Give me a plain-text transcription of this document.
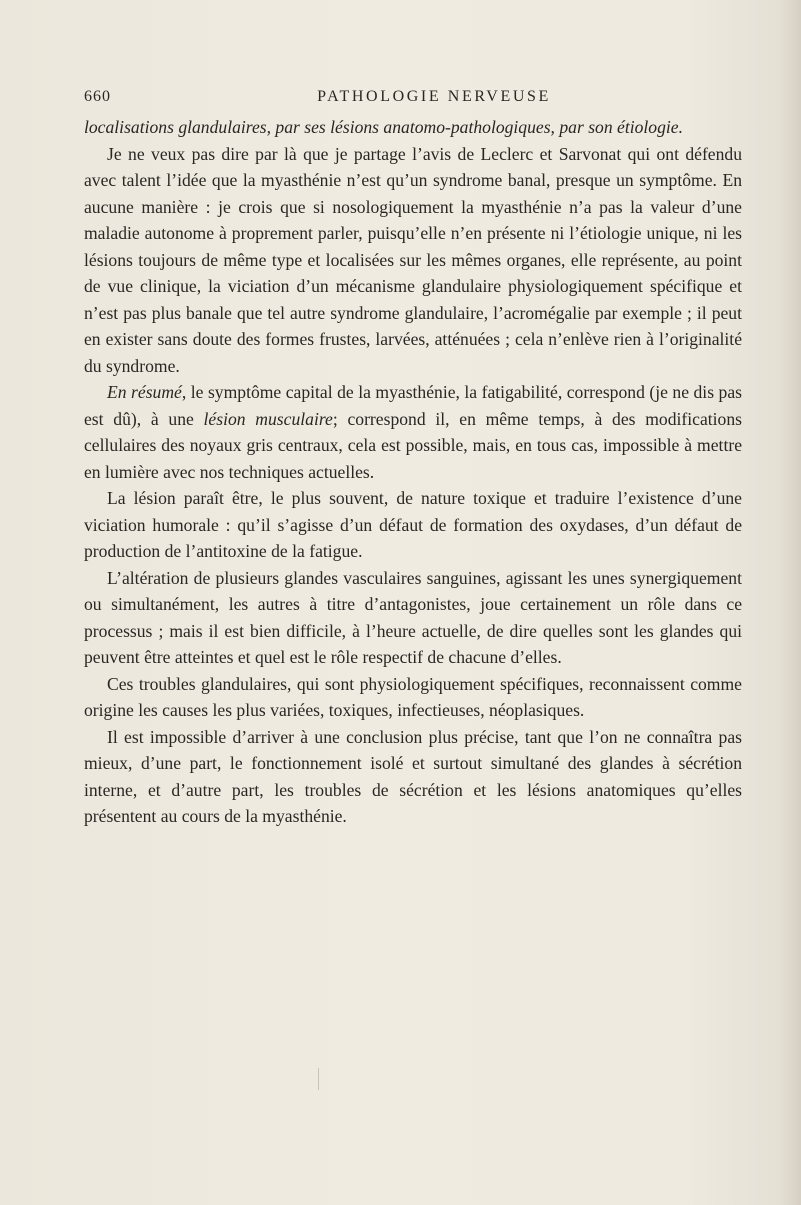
660	PATHOLOGIE NERVEUSE

localisations glandulaires, par ses lésions anatomo-pathologiques, par son étiologie.

Je ne veux pas dire par là que je partage l’avis de Leclerc et Sarvonat qui ont défendu avec talent l’idée que la myasthénie n’est qu’un syndrome banal, presque un symptôme. En aucune manière : je crois que si nosologiquement la myasthénie n’a pas la valeur d’une maladie autonome à proprement parler, puisqu’elle n’en présente ni l’étiologie unique, ni les lésions toujours de même type et localisées sur les mêmes organes, elle représente, au point de vue clinique, la viciation d’un mécanisme glandulaire physiologiquement spécifique et n’est pas plus banale que tel autre syndrome glandulaire, l’acromégalie par exemple ; il peut en exister sans doute des formes frustes, larvées, atténuées ; cela n’enlève rien à l’originalité du syndrome.

En résumé, le symptôme capital de la myasthénie, la fatigabilité, correspond (je ne dis pas est dû), à une lésion musculaire; correspond il, en même temps, à des modifications cellulaires des noyaux gris centraux, cela est possible, mais, en tous cas, impossible à mettre en lumière avec nos techniques actuelles.

La lésion paraît être, le plus souvent, de nature toxique et traduire l’existence d’une viciation humorale : qu’il s’agisse d’un défaut de formation des oxydases, d’un défaut de production de l’antitoxine de la fatigue.

L’altération de plusieurs glandes vasculaires sanguines, agissant les unes synergiquement ou simultanément, les autres à titre d’antagonistes, joue certainement un rôle dans ce processus ; mais il est bien difficile, à l’heure actuelle, de dire quelles sont les glandes qui peuvent être atteintes et quel est le rôle respectif de chacune d’elles.

Ces troubles glandulaires, qui sont physiologiquement spécifiques, reconnaissent comme origine les causes les plus variées, toxiques, infectieuses, néoplasiques.

Il est impossible d’arriver à une conclusion plus précise, tant que l’on ne connaîtra pas mieux, d’une part, le fonctionnement isolé et surtout simultané des glandes à sécrétion interne, et d’autre part, les troubles de sécrétion et les lésions anatomiques qu’elles présentent au cours de la myasthénie.
